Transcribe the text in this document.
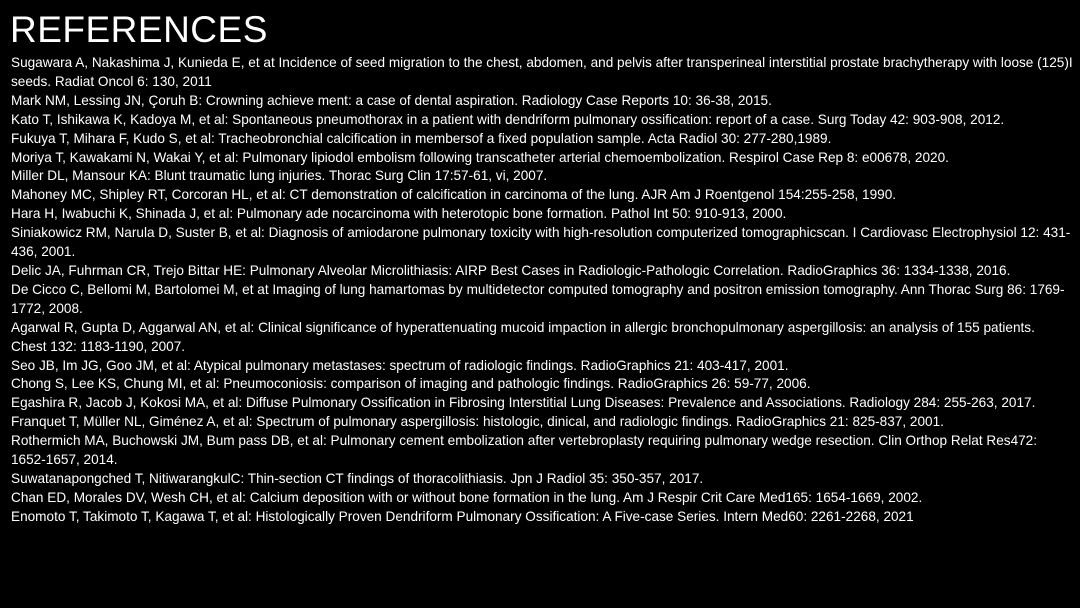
REFERENCES
Sugawara A, Nakashima J, Kunieda E, et at Incidence of seed migration to the chest, abdomen, and pelvis after transperineal interstitial prostate brachytherapy with loose (125)I seeds. Radiat Oncol 6: 130, 2011
Mark NM, Lessing JN, Çoruh B: Crowning achieve ment: a case of dental aspiration. Radiology Case Reports 10: 36-38, 2015.
Kato T, Ishikawa K, Kadoya M, et al: Spontaneous pneumothorax in a patient with dendriform pulmonary ossification: report of a case. Surg Today 42: 903-908, 2012.
Fukuya T, Mihara F, Kudo S, et al: Tracheobronchial calcification in membersof a fixed population sample. Acta Radiol 30: 277-280,1989.
Moriya T, Kawakami N, Wakai Y, et al: Pulmonary lipiodol embolism following transcatheter arterial chemoembolization. Respirol Case Rep 8: e00678, 2020.
Miller DL, Mansour KA: Blunt traumatic lung injuries. Thorac Surg Clin 17:57-61, vi, 2007.
Mahoney MC, Shipley RT, Corcoran HL, et al: CT demonstration of calcification in carcinoma of the lung. AJR Am J Roentgenol 154:255-258, 1990.
Hara H, Iwabuchi K, Shinada J, et al: Pulmonary ade nocarcinoma with heterotopic bone formation. Pathol Int 50: 910-913, 2000.
Siniakowicz RM, Narula D, Suster B, et al: Diagnosis of amiodarone pulmonary toxicity with high-resolution computerized tomographicscan. I Cardiovasc Electrophysiol 12: 431-436, 2001.
Delic JA, Fuhrman CR, Trejo Bittar HE: Pulmonary Alveolar Microlithiasis: AIRP Best Cases in Radiologic-Pathologic Correlation. RadioGraphics 36: 1334-1338, 2016.
De Cicco C, Bellomi M, Bartolomei M, et at Imaging of lung hamartomas by multidetector computed tomography and positron emission tomography. Ann Thorac Surg 86: 1769-1772, 2008.
Agarwal R, Gupta D, Aggarwal AN, et al: Clinical significance of hyperattenuating mucoid impaction in allergic bronchopulmonary aspergillosis: an analysis of 155 patients. Chest 132: 1183-1190, 2007.
Seo JB, Im JG, Goo JM, et al: Atypical pulmonary metastases: spectrum of radiologic findings. RadioGraphics 21: 403-417, 2001.
Chong S, Lee KS, Chung MI, et al: Pneumoconiosis: comparison of imaging and pathologic findings. RadioGraphics 26: 59-77, 2006.
Egashira R, Jacob J, Kokosi MA, et al: Diffuse Pulmonary Ossification in Fibrosing Interstitial Lung Diseases: Prevalence and Associations. Radiology 284: 255-263, 2017.
Franquet T, Müller NL, Giménez A, et al: Spectrum of pulmonary aspergillosis: histologic, dinical, and radiologic findings. RadioGraphics 21: 825-837, 2001.
Rothermich MA, Buchowski JM, Bum pass DB, et al: Pulmonary cement embolization after vertebroplasty requiring pulmonary wedge resection. Clin Orthop Relat Res472: 1652-1657, 2014.
Suwatanapongched T, NitiwarangkulC: Thin-section CT findings of thoracolithiasis. Jpn J Radiol 35: 350-357, 2017.
Chan ED, Morales DV, Wesh CH, et al: Calcium deposition with or without bone formation in the lung. Am J Respir Crit Care Med165: 1654-1669, 2002.
Enomoto T, Takimoto T, Kagawa T, et al: Histologically Proven Dendriform Pulmonary Ossification: A Five-case Series. Intern Med60: 2261-2268, 2021
